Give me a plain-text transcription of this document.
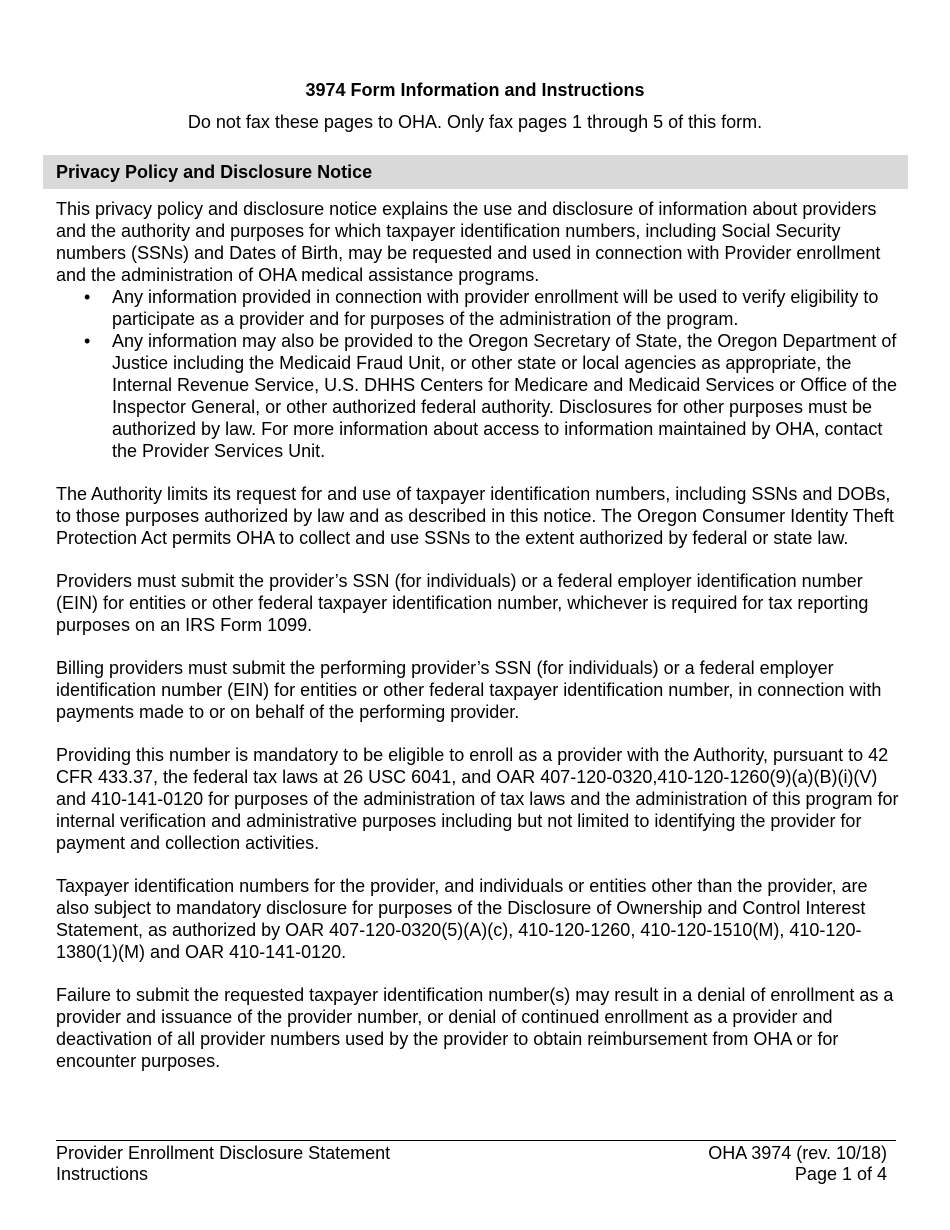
3974 Form Information and Instructions

Do not fax these pages to OHA. Only fax pages 1 through 5 of this form.

Privacy Policy and Disclosure Notice

This privacy policy and disclosure notice explains the use and disclosure of information about providers and the authority and purposes for which taxpayer identification numbers, including Social Security numbers (SSNs) and Dates of Birth, may be requested and used in connection with Provider enrollment and the administration of OHA medical assistance programs.

• Any information provided in connection with provider enrollment will be used to verify eligibility to participate as a provider and for purposes of the administration of the program.
• Any information may also be provided to the Oregon Secretary of State, the Oregon Department of Justice including the Medicaid Fraud Unit, or other state or local agencies as appropriate, the Internal Revenue Service, U.S. DHHS Centers for Medicare and Medicaid Services or Office of the Inspector General, or other authorized federal authority. Disclosures for other purposes must be authorized by law. For more information about access to information maintained by OHA, contact the Provider Services Unit.

The Authority limits its request for and use of taxpayer identification numbers, including SSNs and DOBs, to those purposes authorized by law and as described in this notice. The Oregon Consumer Identity Theft Protection Act permits OHA to collect and use SSNs to the extent authorized by federal or state law.

Providers must submit the provider’s SSN (for individuals) or a federal employer identification number (EIN) for entities or other federal taxpayer identification number, whichever is required for tax reporting purposes on an IRS Form 1099.

Billing providers must submit the performing provider’s SSN (for individuals) or a federal employer identification number (EIN) for entities or other federal taxpayer identification number, in connection with payments made to or on behalf of the performing provider.

Providing this number is mandatory to be eligible to enroll as a provider with the Authority, pursuant to 42 CFR 433.37, the federal tax laws at 26 USC 6041, and OAR 407-120-0320,410-120-1260(9)(a)(B)(i)(V) and 410-141-0120 for purposes of the administration of tax laws and the administration of this program for internal verification and administrative purposes including but not limited to identifying the provider for payment and collection activities.

Taxpayer identification numbers for the provider, and individuals or entities other than the provider, are also subject to mandatory disclosure for purposes of the Disclosure of Ownership and Control Interest Statement, as authorized by OAR 407-120-0320(5)(A)(c), 410-120-1260, 410-120-1510(M), 410-120-1380(1)(M) and OAR 410-141-0120.

Failure to submit the requested taxpayer identification number(s) may result in a denial of enrollment as a provider and issuance of the provider number, or denial of continued enrollment as a provider and deactivation of all provider numbers used by the provider to obtain reimbursement from OHA or for encounter purposes.

Provider Enrollment Disclosure Statement
Instructions
OHA 3974 (rev. 10/18)
Page 1 of 4
